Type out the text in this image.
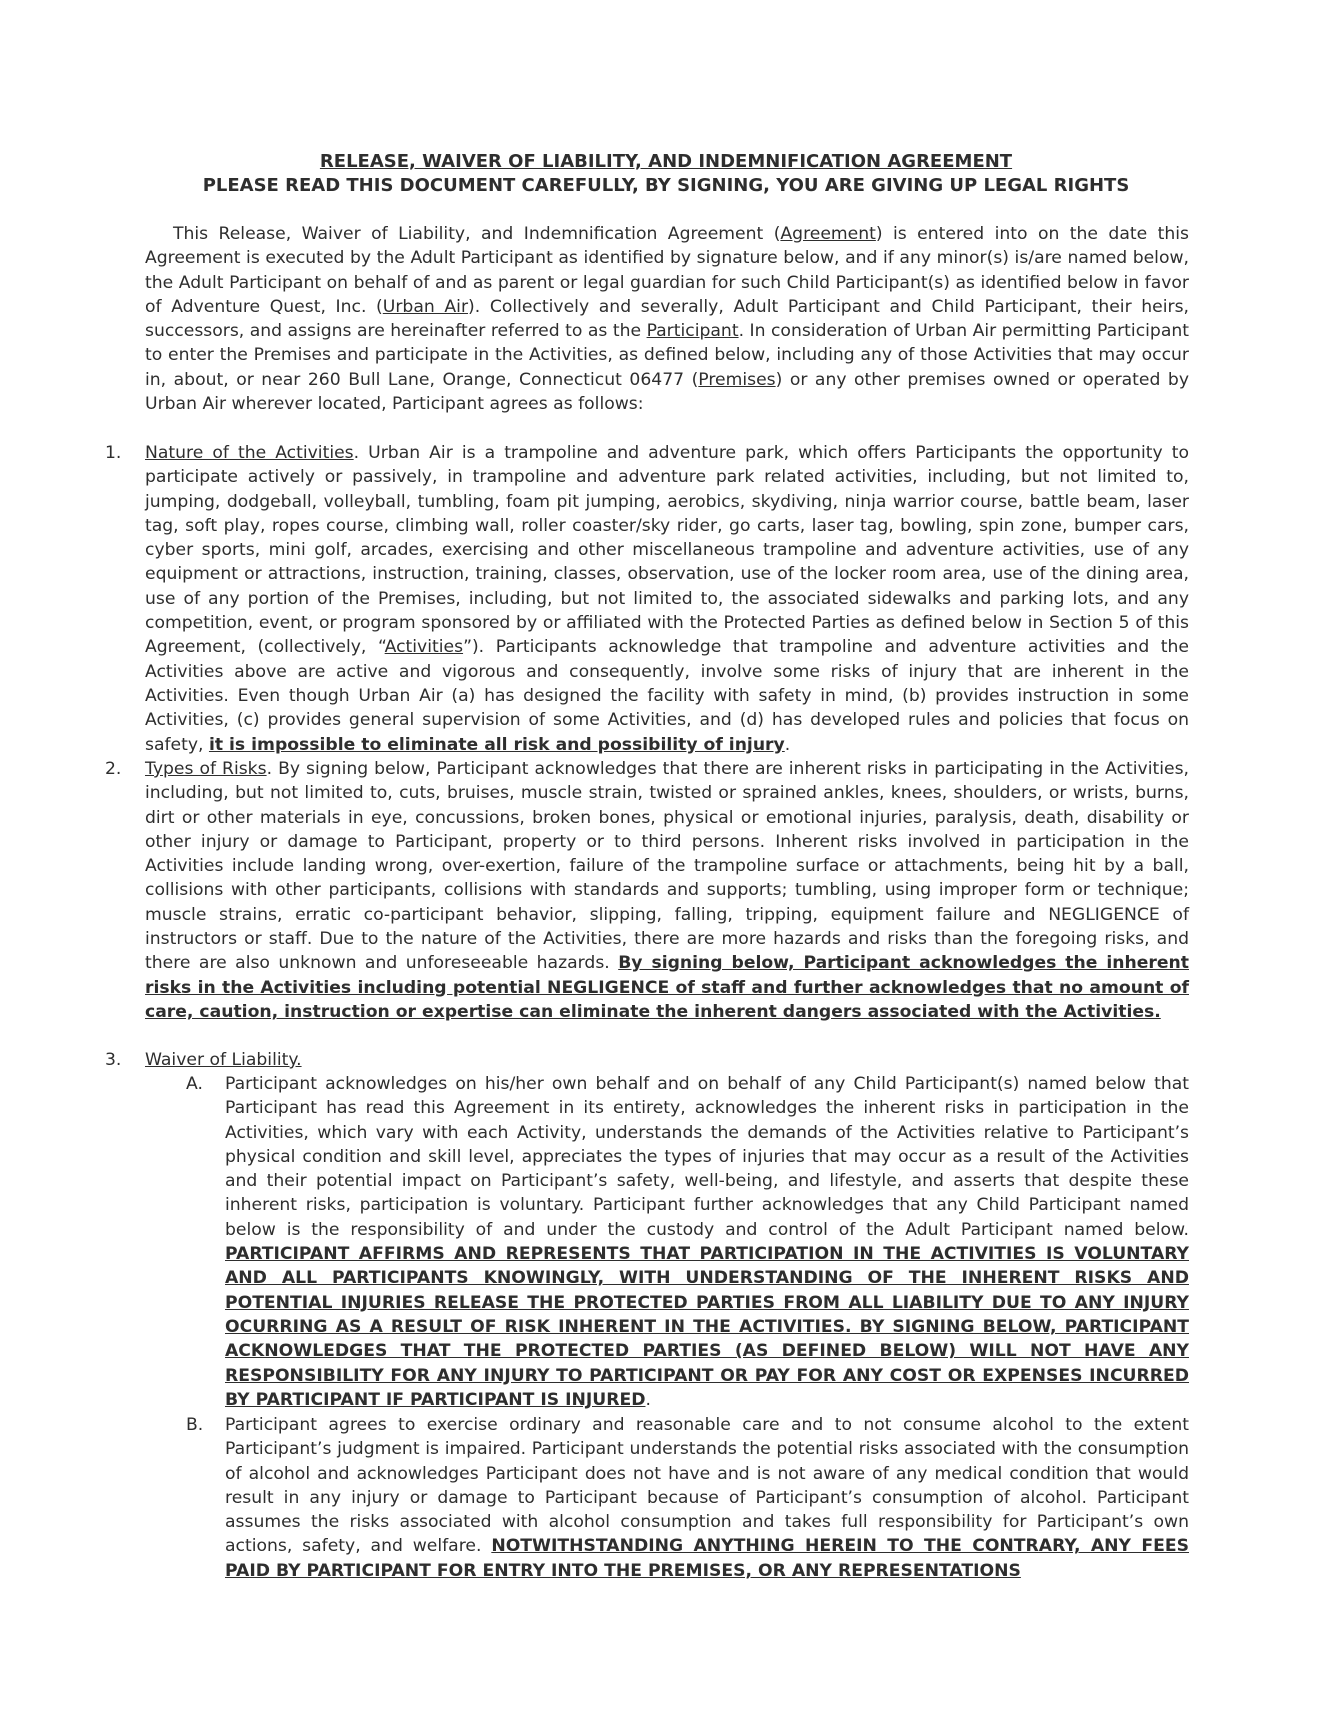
RELEASE, WAIVER OF LIABILITY, AND INDEMNIFICATION AGREEMENT
PLEASE READ THIS DOCUMENT CAREFULLY, BY SIGNING, YOU ARE GIVING UP LEGAL RIGHTS

This Release, Waiver of Liability, and Indemnification Agreement (Agreement) is entered into on the date this Agreement is executed by the Adult Participant as identified by signature below, and if any minor(s) is/are named below, the Adult Participant on behalf of and as parent or legal guardian for such Child Participant(s) as identified below in favor of Adventure Quest, Inc. (Urban Air). Collectively and severally, Adult Participant and Child Participant, their heirs, successors, and assigns are hereinafter referred to as the Participant. In consideration of Urban Air permitting Participant to enter the Premises and participate in the Activities, as defined below, including any of those Activities that may occur in, about, or near 260 Bull Lane, Orange, Connecticut 06477 (Premises) or any other premises owned or operated by Urban Air wherever located, Participant agrees as follows:

1. Nature of the Activities. Urban Air is a trampoline and adventure park, which offers Participants the opportunity to participate actively or passively, in trampoline and adventure park related activities, including, but not limited to, jumping, dodgeball, volleyball, tumbling, foam pit jumping, aerobics, skydiving, ninja warrior course, battle beam, laser tag, soft play, ropes course, climbing wall, roller coaster/sky rider, go carts, laser tag, bowling, spin zone, bumper cars, cyber sports, mini golf, arcades, exercising and other miscellaneous trampoline and adventure activities, use of any equipment or attractions, instruction, training, classes, observation, use of the locker room area, use of the dining area, use of any portion of the Premises, including, but not limited to, the associated sidewalks and parking lots, and any competition, event, or program sponsored by or affiliated with the Protected Parties as defined below in Section 5 of this Agreement, (collectively, “Activities”). Participants acknowledge that trampoline and adventure activities and the Activities above are active and vigorous and consequently, involve some risks of injury that are inherent in the Activities. Even though Urban Air (a) has designed the facility with safety in mind, (b) provides instruction in some Activities, (c) provides general supervision of some Activities, and (d) has developed rules and policies that focus on safety, it is impossible to eliminate all risk and possibility of injury.

2. Types of Risks. By signing below, Participant acknowledges that there are inherent risks in participating in the Activities, including, but not limited to, cuts, bruises, muscle strain, twisted or sprained ankles, knees, shoulders, or wrists, burns, dirt or other materials in eye, concussions, broken bones, physical or emotional injuries, paralysis, death, disability or other injury or damage to Participant, property or to third persons. Inherent risks involved in participation in the Activities include landing wrong, over-exertion, failure of the trampoline surface or attachments, being hit by a ball, collisions with other participants, collisions with standards and supports; tumbling, using improper form or technique; muscle strains, erratic co-participant behavior, slipping, falling, tripping, equipment failure and NEGLIGENCE of instructors or staff. Due to the nature of the Activities, there are more hazards and risks than the foregoing risks, and there are also unknown and unforeseeable hazards. By signing below, Participant acknowledges the inherent risks in the Activities including potential NEGLIGENCE of staff and further acknowledges that no amount of care, caution, instruction or expertise can eliminate the inherent dangers associated with the Activities.

3. Waiver of Liability.

A. Participant acknowledges on his/her own behalf and on behalf of any Child Participant(s) named below that Participant has read this Agreement in its entirety, acknowledges the inherent risks in participation in the Activities, which vary with each Activity, understands the demands of the Activities relative to Participant’s physical condition and skill level, appreciates the types of injuries that may occur as a result of the Activities and their potential impact on Participant’s safety, well-being, and lifestyle, and asserts that despite these inherent risks, participation is voluntary. Participant further acknowledges that any Child Participant named below is the responsibility of and under the custody and control of the Adult Participant named below. PARTICIPANT AFFIRMS AND REPRESENTS THAT PARTICIPATION IN THE ACTIVITIES IS VOLUNTARY AND ALL PARTICIPANTS KNOWINGLY, WITH UNDERSTANDING OF THE INHERENT RISKS AND POTENTIAL INJURIES RELEASE THE PROTECTED PARTIES FROM ALL LIABILITY DUE TO ANY INJURY OCURRING AS A RESULT OF RISK INHERENT IN THE ACTIVITIES. BY SIGNING BELOW, PARTICIPANT ACKNOWLEDGES THAT THE PROTECTED PARTIES (AS DEFINED BELOW) WILL NOT HAVE ANY RESPONSIBILITY FOR ANY INJURY TO PARTICIPANT OR PAY FOR ANY COST OR EXPENSES INCURRED BY PARTICIPANT IF PARTICIPANT IS INJURED.

B. Participant agrees to exercise ordinary and reasonable care and to not consume alcohol to the extent Participant’s judgment is impaired. Participant understands the potential risks associated with the consumption of alcohol and acknowledges Participant does not have and is not aware of any medical condition that would result in any injury or damage to Participant because of Participant’s consumption of alcohol. Participant assumes the risks associated with alcohol consumption and takes full responsibility for Participant’s own actions, safety, and welfare. NOTWITHSTANDING ANYTHING HEREIN TO THE CONTRARY, ANY FEES PAID BY PARTICIPANT FOR ENTRY INTO THE PREMISES, OR ANY REPRESENTATIONS
